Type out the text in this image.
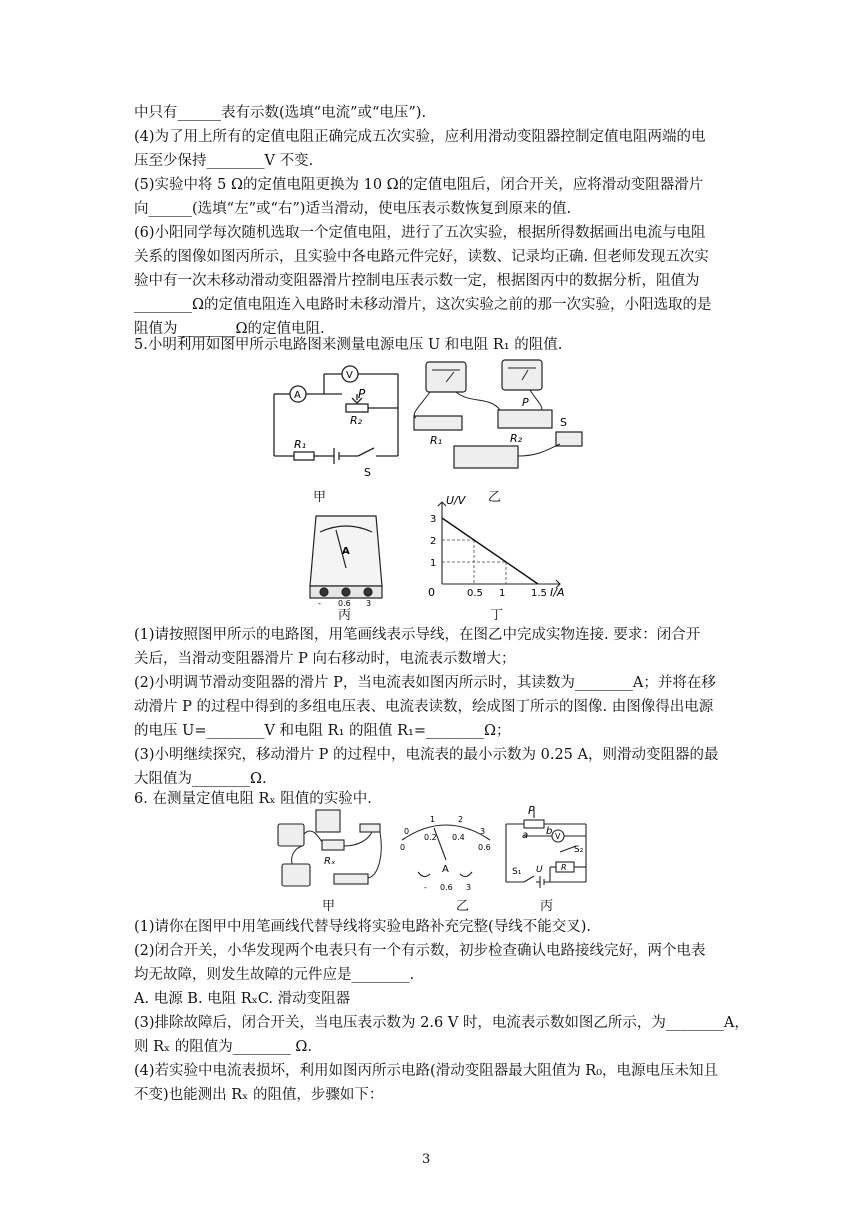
中只有______表有示数(选填“电流”或“电压”).
(4)为了用上所有的定值电阻正确完成五次实验，应利用滑动变阻器控制定值电阻两端的电
压至少保持________V 不变.
(5)实验中将 5 Ω的定值电阻更换为 10 Ω的定值电阻后，闭合开关，应将滑动变阻器滑片
向______(选填“左”或“右”)适当滑动，使电压表示数恢复到原来的值.
(6)小阳同学每次随机选取一个定值电阻，进行了五次实验，根据所得数据画出电流与电阻
关系的图像如图丙所示，且实验中各电路元件完好，读数、记录均正确. 但老师发现五次实
验中有一次未移动滑动变阻器滑片控制电压表示数一定，根据图丙中的数据分析，阻值为
________Ω的定值电阻连入电路时未移动滑片，这次实验之前的那一次实验，小阳选取的是
阻值为________Ω的定值电阻.
5.小明利用如图甲所示电路图来测量电源电压 U 和电阻 R₁ 的阻值.
A
V
P
R₂
R₁
S
甲
P
R₁	R₂
S
乙
A
- 0.6 3
丙
U/V
I/A
0	0.5 1	1.5
1
2
3
丁
(1)请按照图甲所示的电路图，用笔画线表示导线，在图乙中完成实物连接. 要求：闭合开
关后，当滑动变阻器滑片 P 向右移动时，电流表示数增大；
(2)小明调节滑动变阻器的滑片 P，当电流表如图丙所示时，其读数为________A；并将在移
动滑片 P 的过程中得到的多组电压表、电流表读数，绘成图丁所示的图像. 由图像得出电源
的电压 U=________V 和电阻 R₁ 的阻值 R₁=________Ω；
(3)小明继续探究，移动滑片 P 的过程中，电流表的最小示数为 0.25 A，则滑动变阻器的最
大阻值为________Ω.
6. 在测量定值电阻 Rₓ 阻值的实验中.
Rₓ
甲
0
0.2 0.4
0.6
0
1	2
3
A
- 0.6 3
乙
P
a b V
S₁
S₂
U R
丙
(1)请你在图甲中用笔画线代替导线将实验电路补充完整(导线不能交叉).
(2)闭合开关，小华发现两个电表只有一个有示数，初步检查确认电路接线完好，两个电表
均无故障，则发生故障的元件应是________.
A. 电源 B. 电阻 RₓC. 滑动变阻器
(3)排除故障后，闭合开关，当电压表示数为 2.6 V 时，电流表示数如图乙所示，为________A，
则 Rₓ 的阻值为________ Ω.
(4)若实验中电流表损坏，利用如图丙所示电路(滑动变阻器最大阻值为 R₀，电源电压未知且
不变)也能测出 Rₓ 的阻值，步骤如下：
3
